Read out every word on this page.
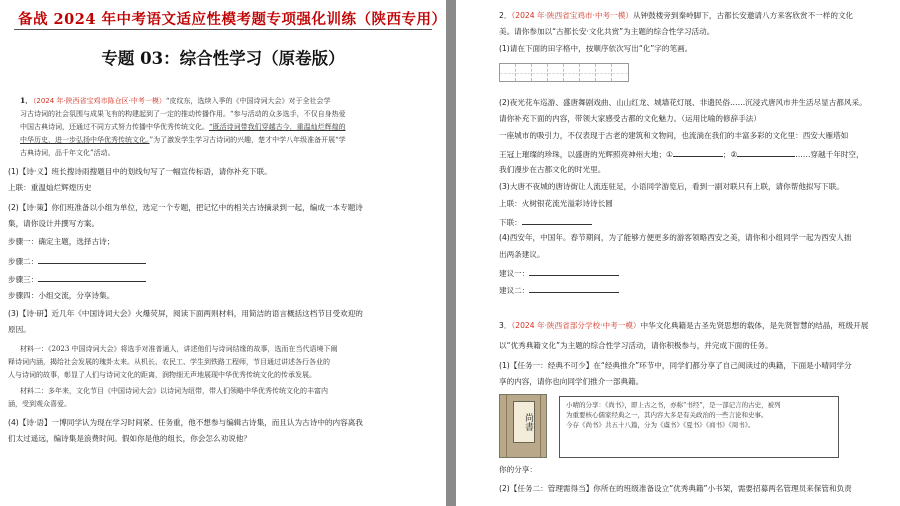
备战 2024 年中考语文适应性模考题专项强化训练（陕西专用）
专题 03：综合性学习（原卷版）
1．（2024 年·陕西省宝鸡市陈仓区·中考一模）“皮纹东，选续入季的《中国诗词大会》对于全社会学
习古诗词的社会氛围与成果飞有的构建起到了一定的推动传播作用。“参与活动的众多选手，不仅自身热爱
中国古典诗词，还通过不同方式努力传播中华优秀传统文化。“既活诗词带我们穿越古今，重温灿烂辉煌的
中华历史，进一步弘扬中华优秀传统文化。”为了激发学生学习古诗词的兴趣，楚才中学八年级准备开展“学
古典诗词，品千年文化”活动。
(1)【诗·义】班长搜诗雨搜题目中的划线句写了一幅宣传标语，请你补充下联。
上联：重温灿烂辉煌历史
(2)【诗·策】你们班准备以小组为单位，选定一个专题，把记忆中的相关古诗摘录到一起，编成一本专题诗
集，请你设计并撰写方案。
步骤一：确定主题，选择古诗；
步骤二：
步骤三：
步骤四：小组交流，分享诗集。
(3)【诗·研】近几年《中国诗词大会》火爆荧屏，阅读下面两则材料，用简洁的语言概括这档节目受欢迎的
原因。
材料一：《2023 中国诗词大会》将选手对准普通人，讲述他们与诗词结缘的故事，选而在当代语境下阐
释诗词内涵，揭给社会发展的瑰卦太来。从机长、农民工、学生到铁路工程师，节目通过讲述各行各业的
人与诗词的故事，彰显了人们与诗词文化的距离，润物细无声地展现中华优秀传统文化的传承发展。
材料二：多年来，文化节目《中国诗词大会》以诗词为纽带，带人们领略中华优秀传统文化的丰富内
涵，受到观众喜爱。
(4)【诗·语】一博同学认为现在学习时间紧、任务重，他不想参与编辑古诗集，而且认为古诗中的内容离我
们太过遥远，编诗集是浪费时间。假如你是他的组长，你会怎么劝说他？
2．（2024 年·陕西省宝鸡市·中考一模）从钟鼓楼旁到秦岭脚下，古都长安邀请八方来客欣赏不一样的文化
美。请你参加以“古都长安·文化共赏”为主题的综合性学习活动。
(1)请在下面的田字格中，按顺序依次写出“化”字的笔画。
(2)夜光花车巡游、盛唐舞剧戏曲、山山红龙、城墙花灯展、非遗民俗……沉浸式唐风市井生活尽显古都风采。
请你补充下面的内容，带领大家感受古都的文化魅力。（运用比喻的修辞手法）
一座城市的吸引力，不仅表现于古老的建筑和文物间，也流淌在我们的丰富多彩的文化里：西安大雁塔如
王冠上璀璨的珍珠，以盛唐的光辉照亮神州大地；①	；②	……穿越千年时空，
我们漫步在古都文化的时光里。
(3)大唐不夜城的唐诗街让人流连驻足，小语同学游览后，看到一副对联只有上联，请你帮他拟写下联。
上联：火树银花流光溢彩诗诗长圆
下联：
(4)西安年，中国年。春节期间，为了能够方便更多的游客领略西安之美，请你和小组同学一起为西安人拙
出两条建议。
建议一：
建议二：
3．（2024 年·陕西省部分学校·中考一模）中华文化典籍是古圣先贤思想的载体，是先贤智慧的结晶，班级开展
以“优秀典籍文化”为主题的综合性学习活动，请你积极参与，并完成下面的任务。
(1)【任务一：经典不可少】在“经典推介”环节中，同学们都分享了自己阅读过的典籍，下面是小晴同学分
享的内容，请你也向同学们推介一部典籍。
尚書
小晴的分享：《尚书》，即上古之书，亦称“书经”，是一部记言的古史，被列
为重要核心儒家经典之一，其内容大多是有关政治的一些言论和史事。
今存《尚书》共五十八篇，分为《虞书》《夏书》《商书》《周书》。
你的分享：
(2)【任务二：管理需得当】你所在的班级准备设立“优秀典籍”小书架，需要招募两名管理员来保管和负责
